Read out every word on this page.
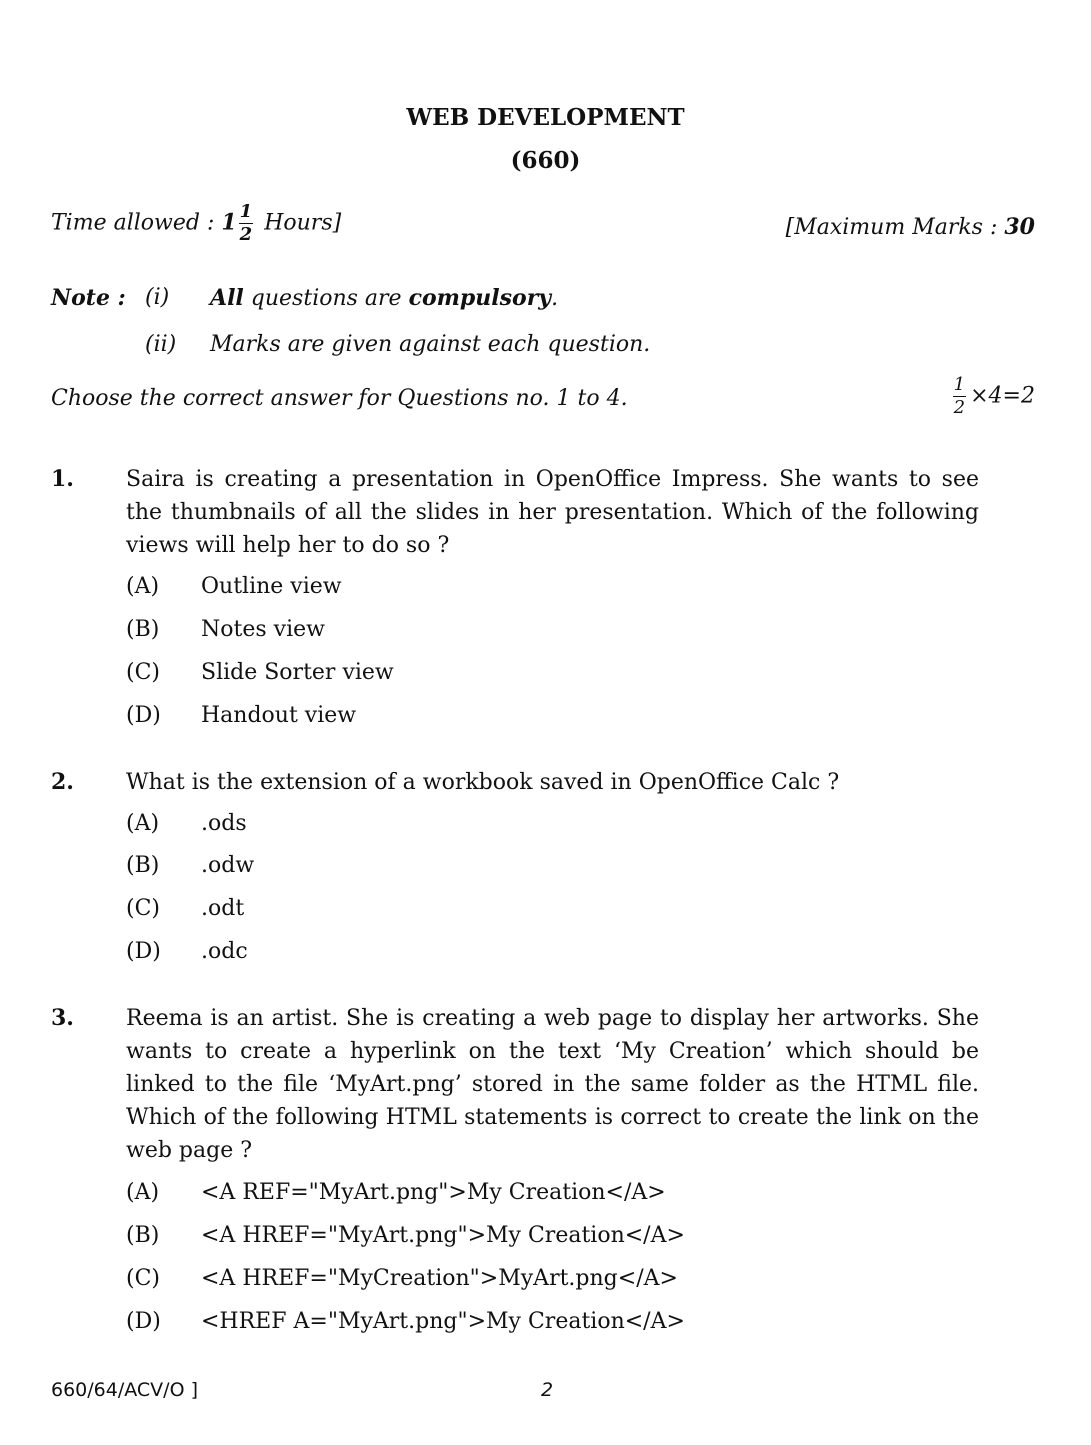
WEB DEVELOPMENT
(660)
Time allowed : $1 \frac{1}{2}$ Hours]	[Maximum Marks : 30
Note : (i) All questions are compulsory.
(ii) Marks are given against each question.
Choose the correct answer for Questions no. 1 to 4.	$\frac{1}{2} \times 4=2$
1. Saira is creating a presentation in OpenOffice Impress. She wants to see the thumbnails of all the slides in her presentation. Which of the following views will help her to do so ?
(A) Outline view
(B) Notes view
(C) Slide Sorter view
(D) Handout view
2. What is the extension of a workbook saved in OpenOffice Calc ?
(A) .ods
(B) .odw
(C) .odt
(D) .odc
3. Reema is an artist. She is creating a web page to display her artworks. She wants to create a hyperlink on the text ‘My Creation’ which should be linked to the file ‘MyArt.png’ stored in the same folder as the HTML file. Which of the following HTML statements is correct to create the link on the web page ?
(A) <A REF="MyArt.png">My Creation</A>
(B) <A HREF="MyArt.png">My Creation</A>
(C) <A HREF="MyCreation">MyArt.png</A>
(D) <HREF A="MyArt.png">My Creation</A>
660/64/ACV/O ]	2
